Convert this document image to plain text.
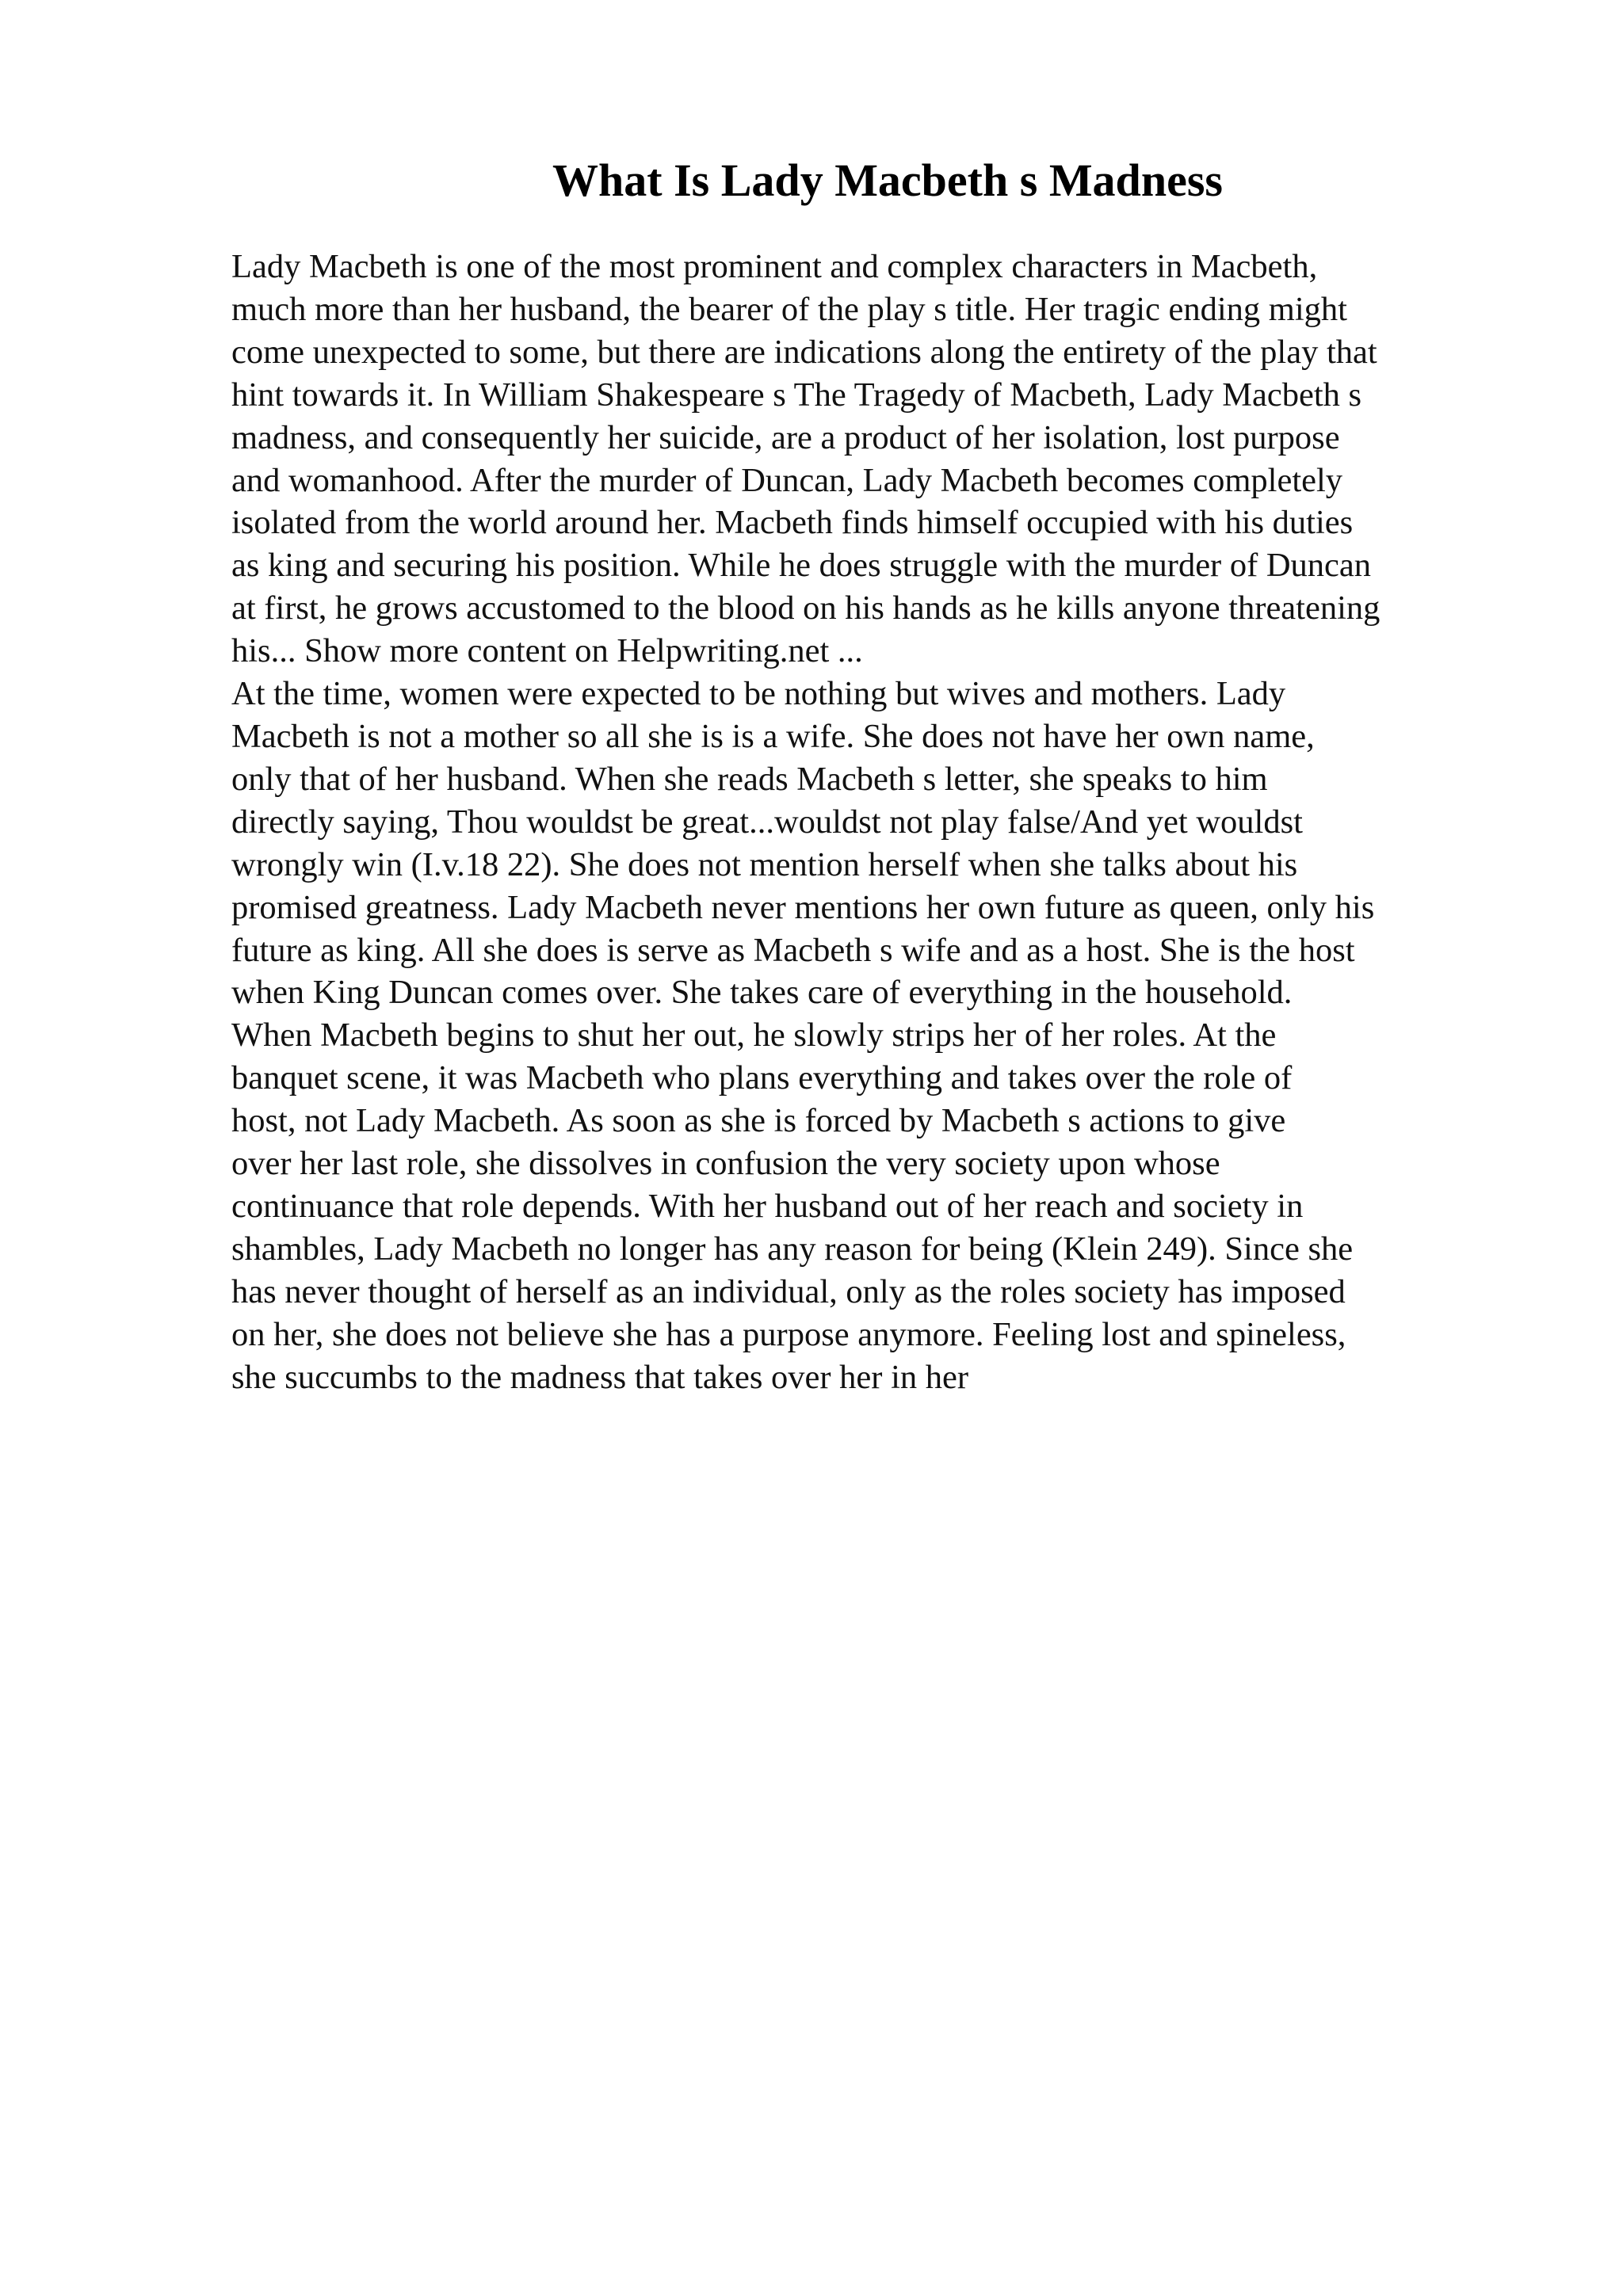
What Is Lady Macbeth s Madness
Lady Macbeth is one of the most prominent and complex characters in Macbeth,
much more than her husband, the bearer of the play s title. Her tragic ending might
come unexpected to some, but there are indications along the entirety of the play that
hint towards it. In William Shakespeare s The Tragedy of Macbeth, Lady Macbeth s
madness, and consequently her suicide, are a product of her isolation, lost purpose
and womanhood. After the murder of Duncan, Lady Macbeth becomes completely
isolated from the world around her. Macbeth finds himself occupied with his duties
as king and securing his position. While he does struggle with the murder of Duncan
at first, he grows accustomed to the blood on his hands as he kills anyone threatening
his... Show more content on Helpwriting.net ...
At the time, women were expected to be nothing but wives and mothers. Lady
Macbeth is not a mother so all she is is a wife. She does not have her own name,
only that of her husband. When she reads Macbeth s letter, she speaks to him
directly saying, Thou wouldst be great...wouldst not play false/And yet wouldst
wrongly win (I.v.18 22). She does not mention herself when she talks about his
promised greatness. Lady Macbeth never mentions her own future as queen, only his
future as king. All she does is serve as Macbeth s wife and as a host. She is the host
when King Duncan comes over. She takes care of everything in the household.
When Macbeth begins to shut her out, he slowly strips her of her roles. At the
banquet scene, it was Macbeth who plans everything and takes over the role of
host, not Lady Macbeth. As soon as she is forced by Macbeth s actions to give
over her last role, she dissolves in confusion the very society upon whose
continuance that role depends. With her husband out of her reach and society in
shambles, Lady Macbeth no longer has any reason for being (Klein 249). Since she
has never thought of herself as an individual, only as the roles society has imposed
on her, she does not believe she has a purpose anymore. Feeling lost and spineless,
she succumbs to the madness that takes over her in her
